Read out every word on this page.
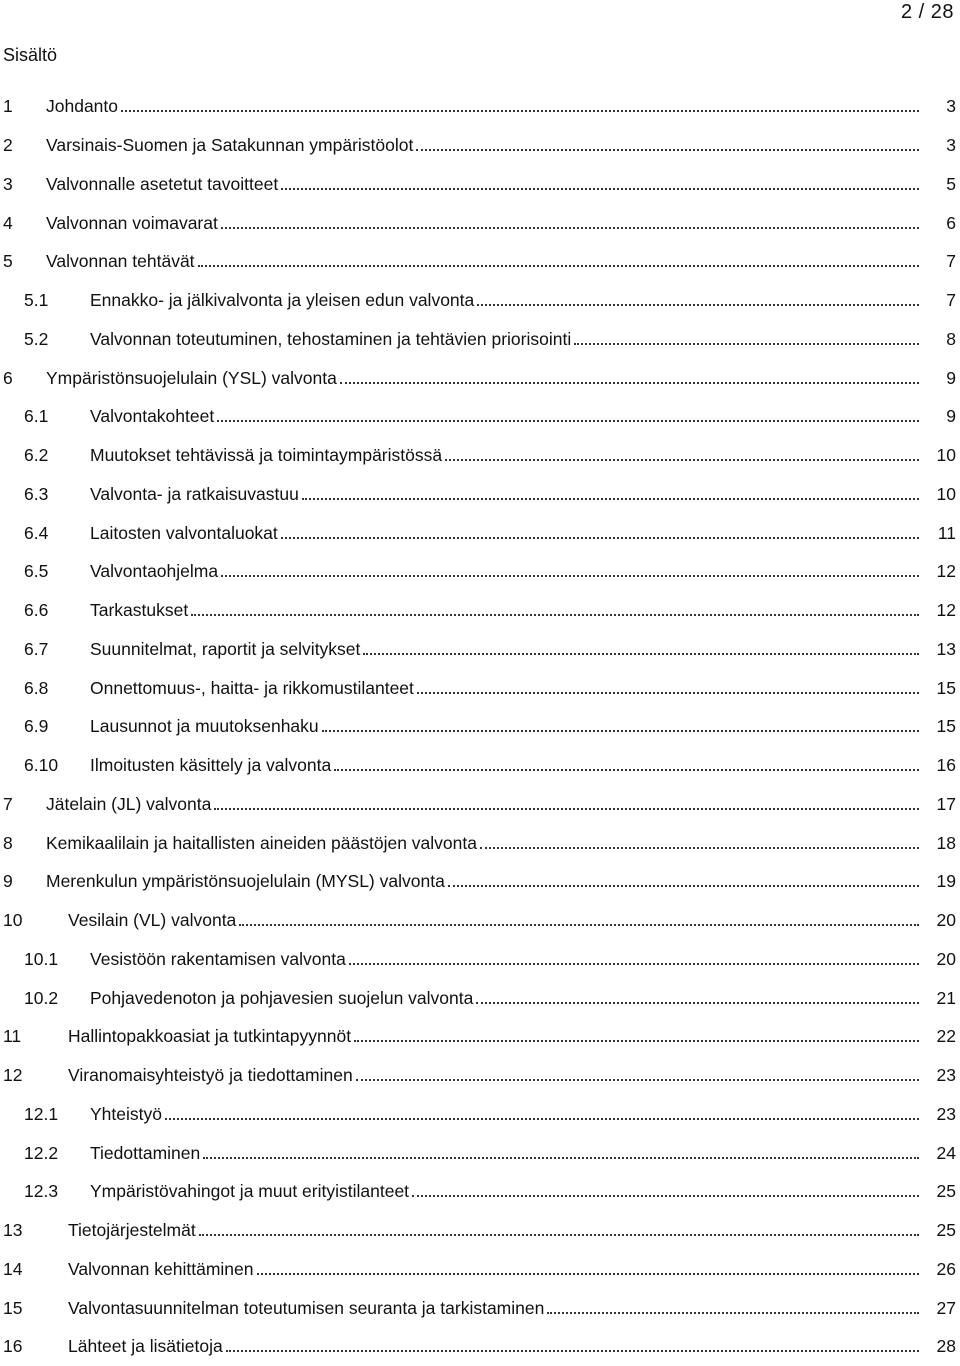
2 / 28
Sisältö
1	Johdanto	3
2	Varsinais-Suomen ja Satakunnan ympäristöolot	3
3	Valvonnalle asetetut tavoitteet	5
4	Valvonnan voimavarat	6
5	Valvonnan tehtävät	7
5.1	Ennakko- ja jälkivalvonta ja yleisen edun valvonta	7
5.2	Valvonnan toteutuminen, tehostaminen ja tehtävien priorisointi	8
6	Ympäristönsuojelulain (YSL) valvonta	9
6.1	Valvontakohteet	9
6.2	Muutokset tehtävissä ja toimintaympäristössä	10
6.3	Valvonta- ja ratkaisuvastuu	10
6.4	Laitosten valvontaluokat	11
6.5	Valvontaohjelma	12
6.6	Tarkastukset	12
6.7	Suunnitelmat, raportit ja selvitykset	13
6.8	Onnettomuus-, haitta- ja rikkomustilanteet	15
6.9	Lausunnot ja muutoksenhaku	15
6.10	Ilmoitusten käsittely ja valvonta	16
7	Jätelain (JL) valvonta	17
8	Kemikaalilain ja haitallisten aineiden päästöjen valvonta	18
9	Merenkulun ympäristönsuojelulain (MYSL) valvonta	19
10	Vesilain (VL) valvonta	20
10.1	Vesistöön rakentamisen valvonta	20
10.2	Pohjavedenoton ja pohjavesien suojelun valvonta	21
11	Hallintopakkoasiat ja tutkintapyynnöt	22
12	Viranomaisyhteistyö ja tiedottaminen	23
12.1	Yhteistyö	23
12.2	Tiedottaminen	24
12.3	Ympäristövahingot ja muut erityistilanteet	25
13	Tietojärjestelmät	25
14	Valvonnan kehittäminen	26
15	Valvontasuunnitelman toteutumisen seuranta ja tarkistaminen	27
16	Lähteet ja lisätietoja	28
